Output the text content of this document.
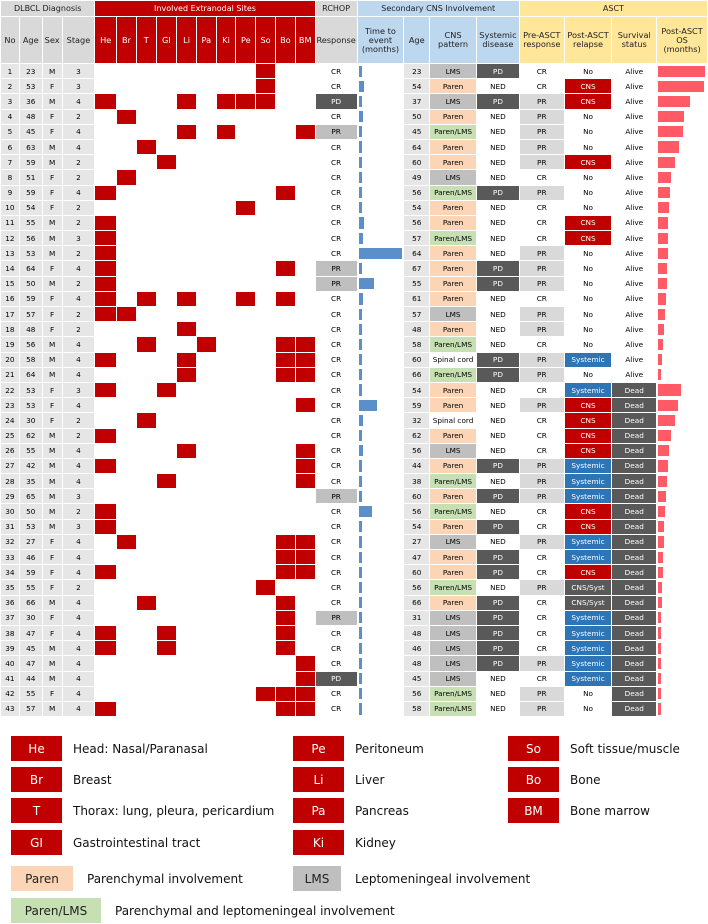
DLBCL Diagnosis				Involved Extranodal Sites											RCHOP	Secondary CNS Involvement				ASCT			
No	Age	Sex	Stage	He	Br	T	GI	Li	Pa	Ki	Pe	So	Bo	BM	Response	Time to event (months)	Age	CNS pattern	Systemic disease	Pre-ASCT response	Post-ASCT relapse	Survival status	Post-ASCT OS (months)
1	23	M	3												CR		23	LMS	PD	CR	No	Alive	

2	53	F	3												CR		54	Paren	NED	CR	CNS	Alive	

3	36	M	4												PD		37	LMS	PD	PR	CNS	Alive	

4	48	F	2												CR		50	Paren	NED	PR	No	Alive	

5	45	F	4												PR		45	Paren/LMS	NED	PR	No	Alive	

6	63	M	4												CR		64	Paren	NED	PR	No	Alive	

7	59	M	2												CR		60	Paren	NED	PR	CNS	Alive	

8	51	F	2												CR		49	LMS	NED	CR	No	Alive	

9	59	F	4												CR		56	Paren/LMS	PD	PR	No	Alive	

10	54	F	2												CR		54	Paren	NED	CR	No	Alive	

11	55	M	2												CR		56	Paren	NED	CR	CNS	Alive	

12	56	M	3												CR		57	Paren/LMS	NED	CR	CNS	Alive	

13	53	M	2												CR		64	Paren	NED	PR	No	Alive	

14	64	F	4												PR		67	Paren	PD	PR	No	Alive	

15	50	M	2												PR		55	Paren	PD	PR	No	Alive	

16	59	F	4												CR		61	Paren	NED	CR	No	Alive	

17	57	F	2												CR		57	LMS	NED	PR	No	Alive	

18	48	F	2												CR		48	Paren	NED	PR	No	Alive	

19	56	M	4												CR		58	Paren/LMS	NED	CR	No	Alive	

20	58	M	4												CR		60	Spinal cord	PD	PR	Systemic	Alive	

21	64	M	4												CR		66	Paren/LMS	PD	PR	No	Alive	

22	53	F	3												CR		54	Paren	NED	CR	Systemic	Dead	

23	53	F	4												CR		59	Paren	NED	PR	CNS	Dead	

24	30	F	2												CR		32	Spinal cord	NED	CR	CNS	Dead	

25	62	M	2												CR		62	Paren	NED	CR	CNS	Dead	

26	55	M	4												CR		56	LMS	NED	CR	CNS	Dead	

27	42	M	4												CR		44	Paren	PD	PR	Systemic	Dead	

28	35	M	4												CR		38	Paren/LMS	NED	PR	Systemic	Dead	

29	65	M	3												PR		60	Paren	PD	PR	Systemic	Dead	

30	50	M	2												CR		56	Paren/LMS	NED	CR	CNS	Dead	

31	53	M	3												CR		54	Paren	PD	CR	CNS	Dead	

32	27	F	4												CR		27	LMS	NED	PR	Systemic	Dead	

33	46	F	4												CR		47	Paren	PD	CR	Systemic	Dead	

34	59	F	4												CR		60	Paren	PD	CR	CNS	Dead	

35	55	F	2												CR		56	Paren/LMS	NED	PR	CNS/Syst	Dead	

36	66	M	4												CR		66	Paren	PD	CR	CNS/Syst	Dead	

37	30	F	4												PR		31	LMS	PD	CR	Systemic	Dead	

38	47	F	4												CR		48	LMS	PD	CR	Systemic	Dead	

39	45	M	4												CR		46	LMS	PD	CR	Systemic	Dead	

40	47	M	4												CR		48	LMS	PD	PR	Systemic	Dead	

41	44	M	4												PD		45	LMS	NED	CR	Systemic	Dead	

42	55	F	4												CR		56	Paren/LMS	NED	PR	No	Dead	

43	57	M	4												CR		58	Paren/LMS	NED	PR	No	Dead	
He	Head: Nasal/Paranasal
Br	Breast
T	Thorax: lung, pleura, pericardium
GI	Gastrointestinal tract
Pe	Peritoneum
Li	Liver
Pa	Pancreas
Ki	Kidney
So	Soft tissue/muscle
Bo	Bone
BM	Bone marrow
Paren	Parenchymal involvement	LMS	Leptomeningeal involvement
Paren/LMS	Parenchymal and leptomeningeal involvement
